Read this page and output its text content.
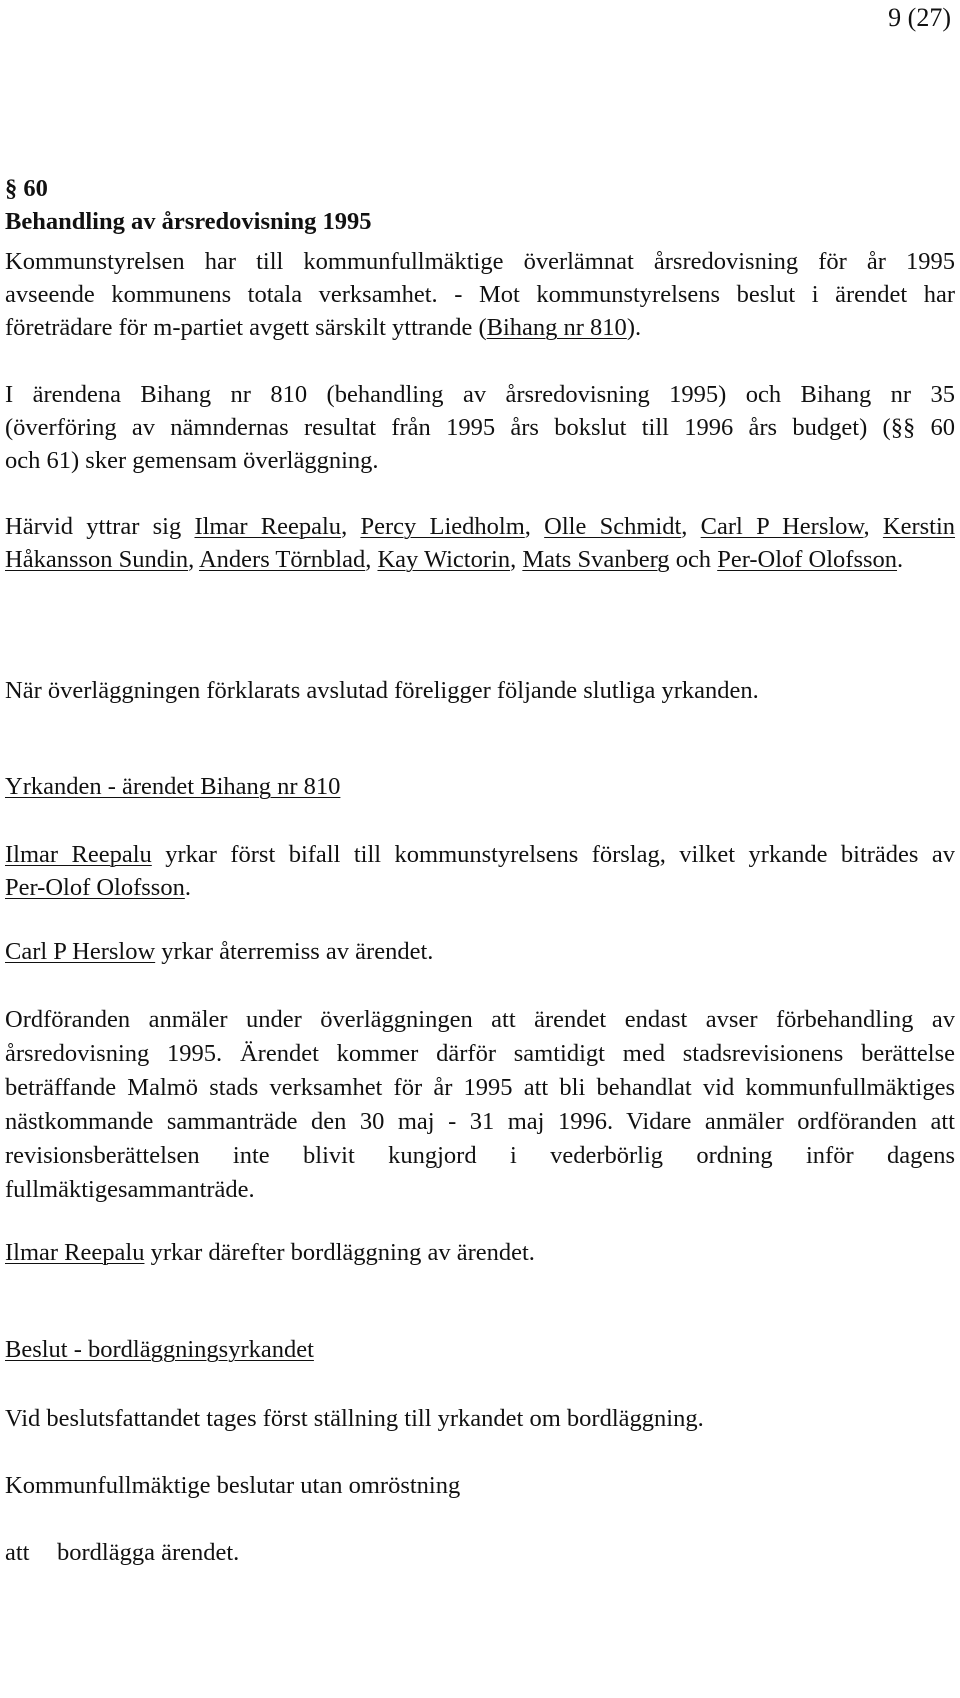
9 (27)
§ 60
Behandling av årsredovisning 1995
Kommunstyrelsen har till kommunfullmäktige överlämnat årsredovisning för år 1995
avseende kommunens totala verksamhet. - Mot kommunstyrelsens beslut i ärendet har
företrädare för m-partiet avgett särskilt yttrande (Bihang nr 810).
I ärendena Bihang nr 810 (behandling av årsredovisning 1995) och Bihang nr 35
(överföring av nämndernas resultat från 1995 års bokslut till 1996 års budget) (§§ 60
och 61) sker gemensam överläggning.
Härvid yttrar sig Ilmar Reepalu, Percy Liedholm, Olle Schmidt, Carl P Herslow, Kerstin Håkansson Sundin, Anders Törnblad, Kay Wictorin, Mats Svanberg och Per-Olof Olofsson.
När överläggningen förklarats avslutad föreligger följande slutliga yrkanden.
Yrkanden - ärendet Bihang nr 810
Ilmar Reepalu yrkar först bifall till kommunstyrelsens förslag, vilket yrkande biträdes av
Per-Olof Olofsson.
Carl P Herslow yrkar återremiss av ärendet.
Ordföranden anmäler under överläggningen att ärendet endast avser förbehandling av årsredovisning 1995. Ärendet kommer därför samtidigt med stadsrevisionens berättelse beträffande Malmö stads verksamhet för år 1995 att bli behandlat vid kommunfullmäktiges nästkommande sammanträde den 30 maj - 31 maj 1996. Vidare anmäler ordföranden att revisionsberättelsen inte blivit kungjord i vederbörlig ordning inför dagens fullmäktigesammanträde.
Ilmar Reepalu yrkar därefter bordläggning av ärendet.
Beslut - bordläggningsyrkandet
Vid beslutsfattandet tages först ställning till yrkandet om bordläggning.
Kommunfullmäktige beslutar utan omröstning
att bordlägga ärendet.
